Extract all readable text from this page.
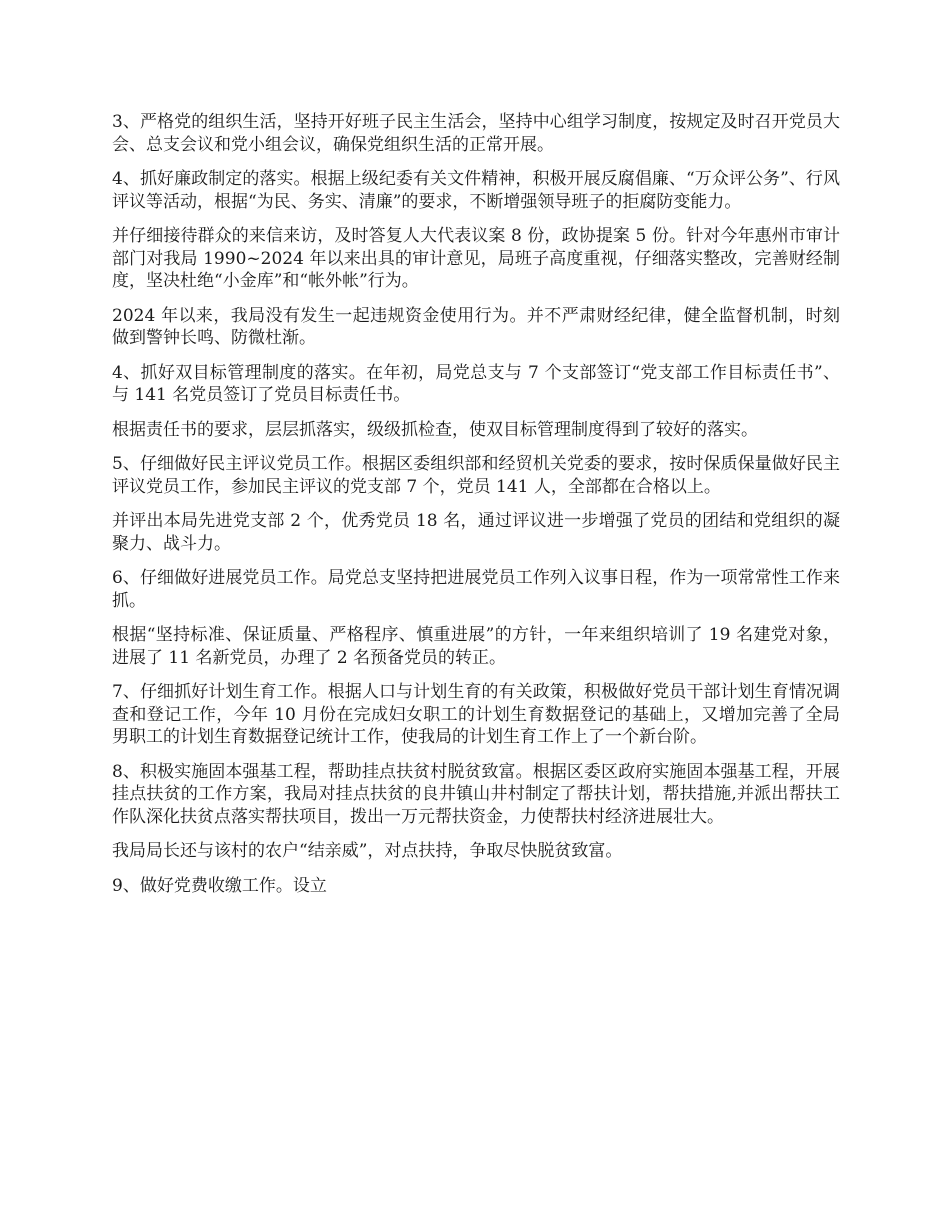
3、严格党的组织生活，坚持开好班子民主生活会，坚持中心组学习制度，按规定及时召开党员大会、总支会议和党小组会议，确保党组织生活的正常开展。

4、抓好廉政制定的落实。根据上级纪委有关文件精神，积极开展反腐倡廉、“万众评公务”、行风评议等活动，根据“为民、务实、清廉”的要求，不断增强领导班子的拒腐防变能力。

并仔细接待群众的来信来访，及时答复人大代表议案 8 份，政协提案 5 份。针对今年惠州市审计部门对我局 1990~2024 年以来出具的审计意见，局班子高度重视，仔细落实整改，完善财经制度，坚决杜绝“小金库”和“帐外帐”行为。

2024 年以来，我局没有发生一起违规资金使用行为。并不严肃财经纪律，健全监督机制，时刻做到警钟长鸣、防微杜渐。

4、抓好双目标管理制度的落实。在年初，局党总支与 7 个支部签订“党支部工作目标责任书”、与 141 名党员签订了党员目标责任书。

根据责任书的要求，层层抓落实，级级抓检查，使双目标管理制度得到了较好的落实。

5、仔细做好民主评议党员工作。根据区委组织部和经贸机关党委的要求，按时保质保量做好民主评议党员工作，参加民主评议的党支部 7 个，党员 141 人，全部都在合格以上。

并评出本局先进党支部 2 个，优秀党员 18 名，通过评议进一步增强了党员的团结和党组织的凝聚力、战斗力。

6、仔细做好进展党员工作。局党总支坚持把进展党员工作列入议事日程，作为一项常常性工作来抓。

根据“坚持标准、保证质量、严格程序、慎重进展”的方针，一年来组织培训了 19 名建党对象，进展了 11 名新党员，办理了 2 名预备党员的转正。

7、仔细抓好计划生育工作。根据人口与计划生育的有关政策，积极做好党员干部计划生育情况调查和登记工作，今年 10 月份在完成妇女职工的计划生育数据登记的基础上，又增加完善了全局男职工的计划生育数据登记统计工作，使我局的计划生育工作上了一个新台阶。

8、积极实施固本强基工程，帮助挂点扶贫村脱贫致富。根据区委区政府实施固本强基工程，开展挂点扶贫的工作方案，我局对挂点扶贫的良井镇山井村制定了帮扶计划，帮扶措施,并派出帮扶工作队深化扶贫点落实帮扶项目，拨出一万元帮扶资金，力使帮扶村经济进展壮大。

我局局长还与该村的农户“结亲威”，对点扶持，争取尽快脱贫致富。

9、做好党费收缴工作。设立
